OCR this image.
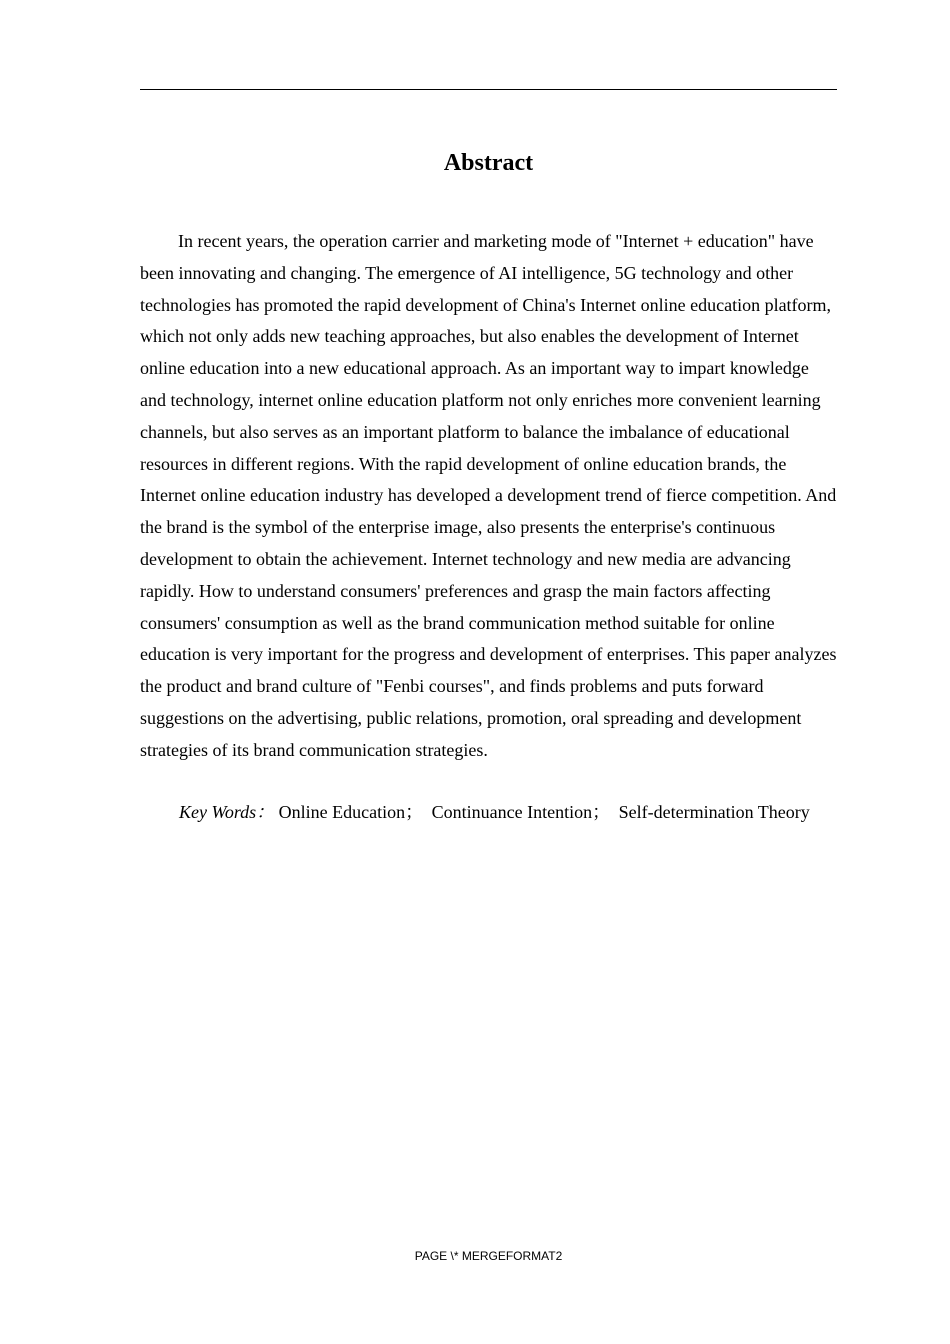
Abstract

In recent years, the operation carrier and marketing mode of "Internet + education" have been innovating and changing. The emergence of AI intelligence, 5G technology and other technologies has promoted the rapid development of China's Internet online education platform, which not only adds new teaching approaches, but also enables the development of Internet online education into a new educational approach. As an important way to impart knowledge and technology, internet online education platform not only enriches more convenient learning channels, but also serves as an important platform to balance the imbalance of educational resources in different regions. With the rapid development of online education brands, the Internet online education industry has developed a development trend of fierce competition. And the brand is the symbol of the enterprise image, also presents the enterprise's continuous development to obtain the achievement. Internet technology and new media are advancing rapidly. How to understand consumers' preferences and grasp the main factors affecting consumers' consumption as well as the brand communication method suitable for online education is very important for the progress and development of enterprises. This paper analyzes the product and brand culture of "Fenbi courses", and finds problems and puts forward suggestions on the advertising, public relations, promotion, oral spreading and development strategies of its brand communication strategies.

Key Words： Online Education； Continuance Intention； Self-determination Theory

PAGE \* MERGEFORMAT2
